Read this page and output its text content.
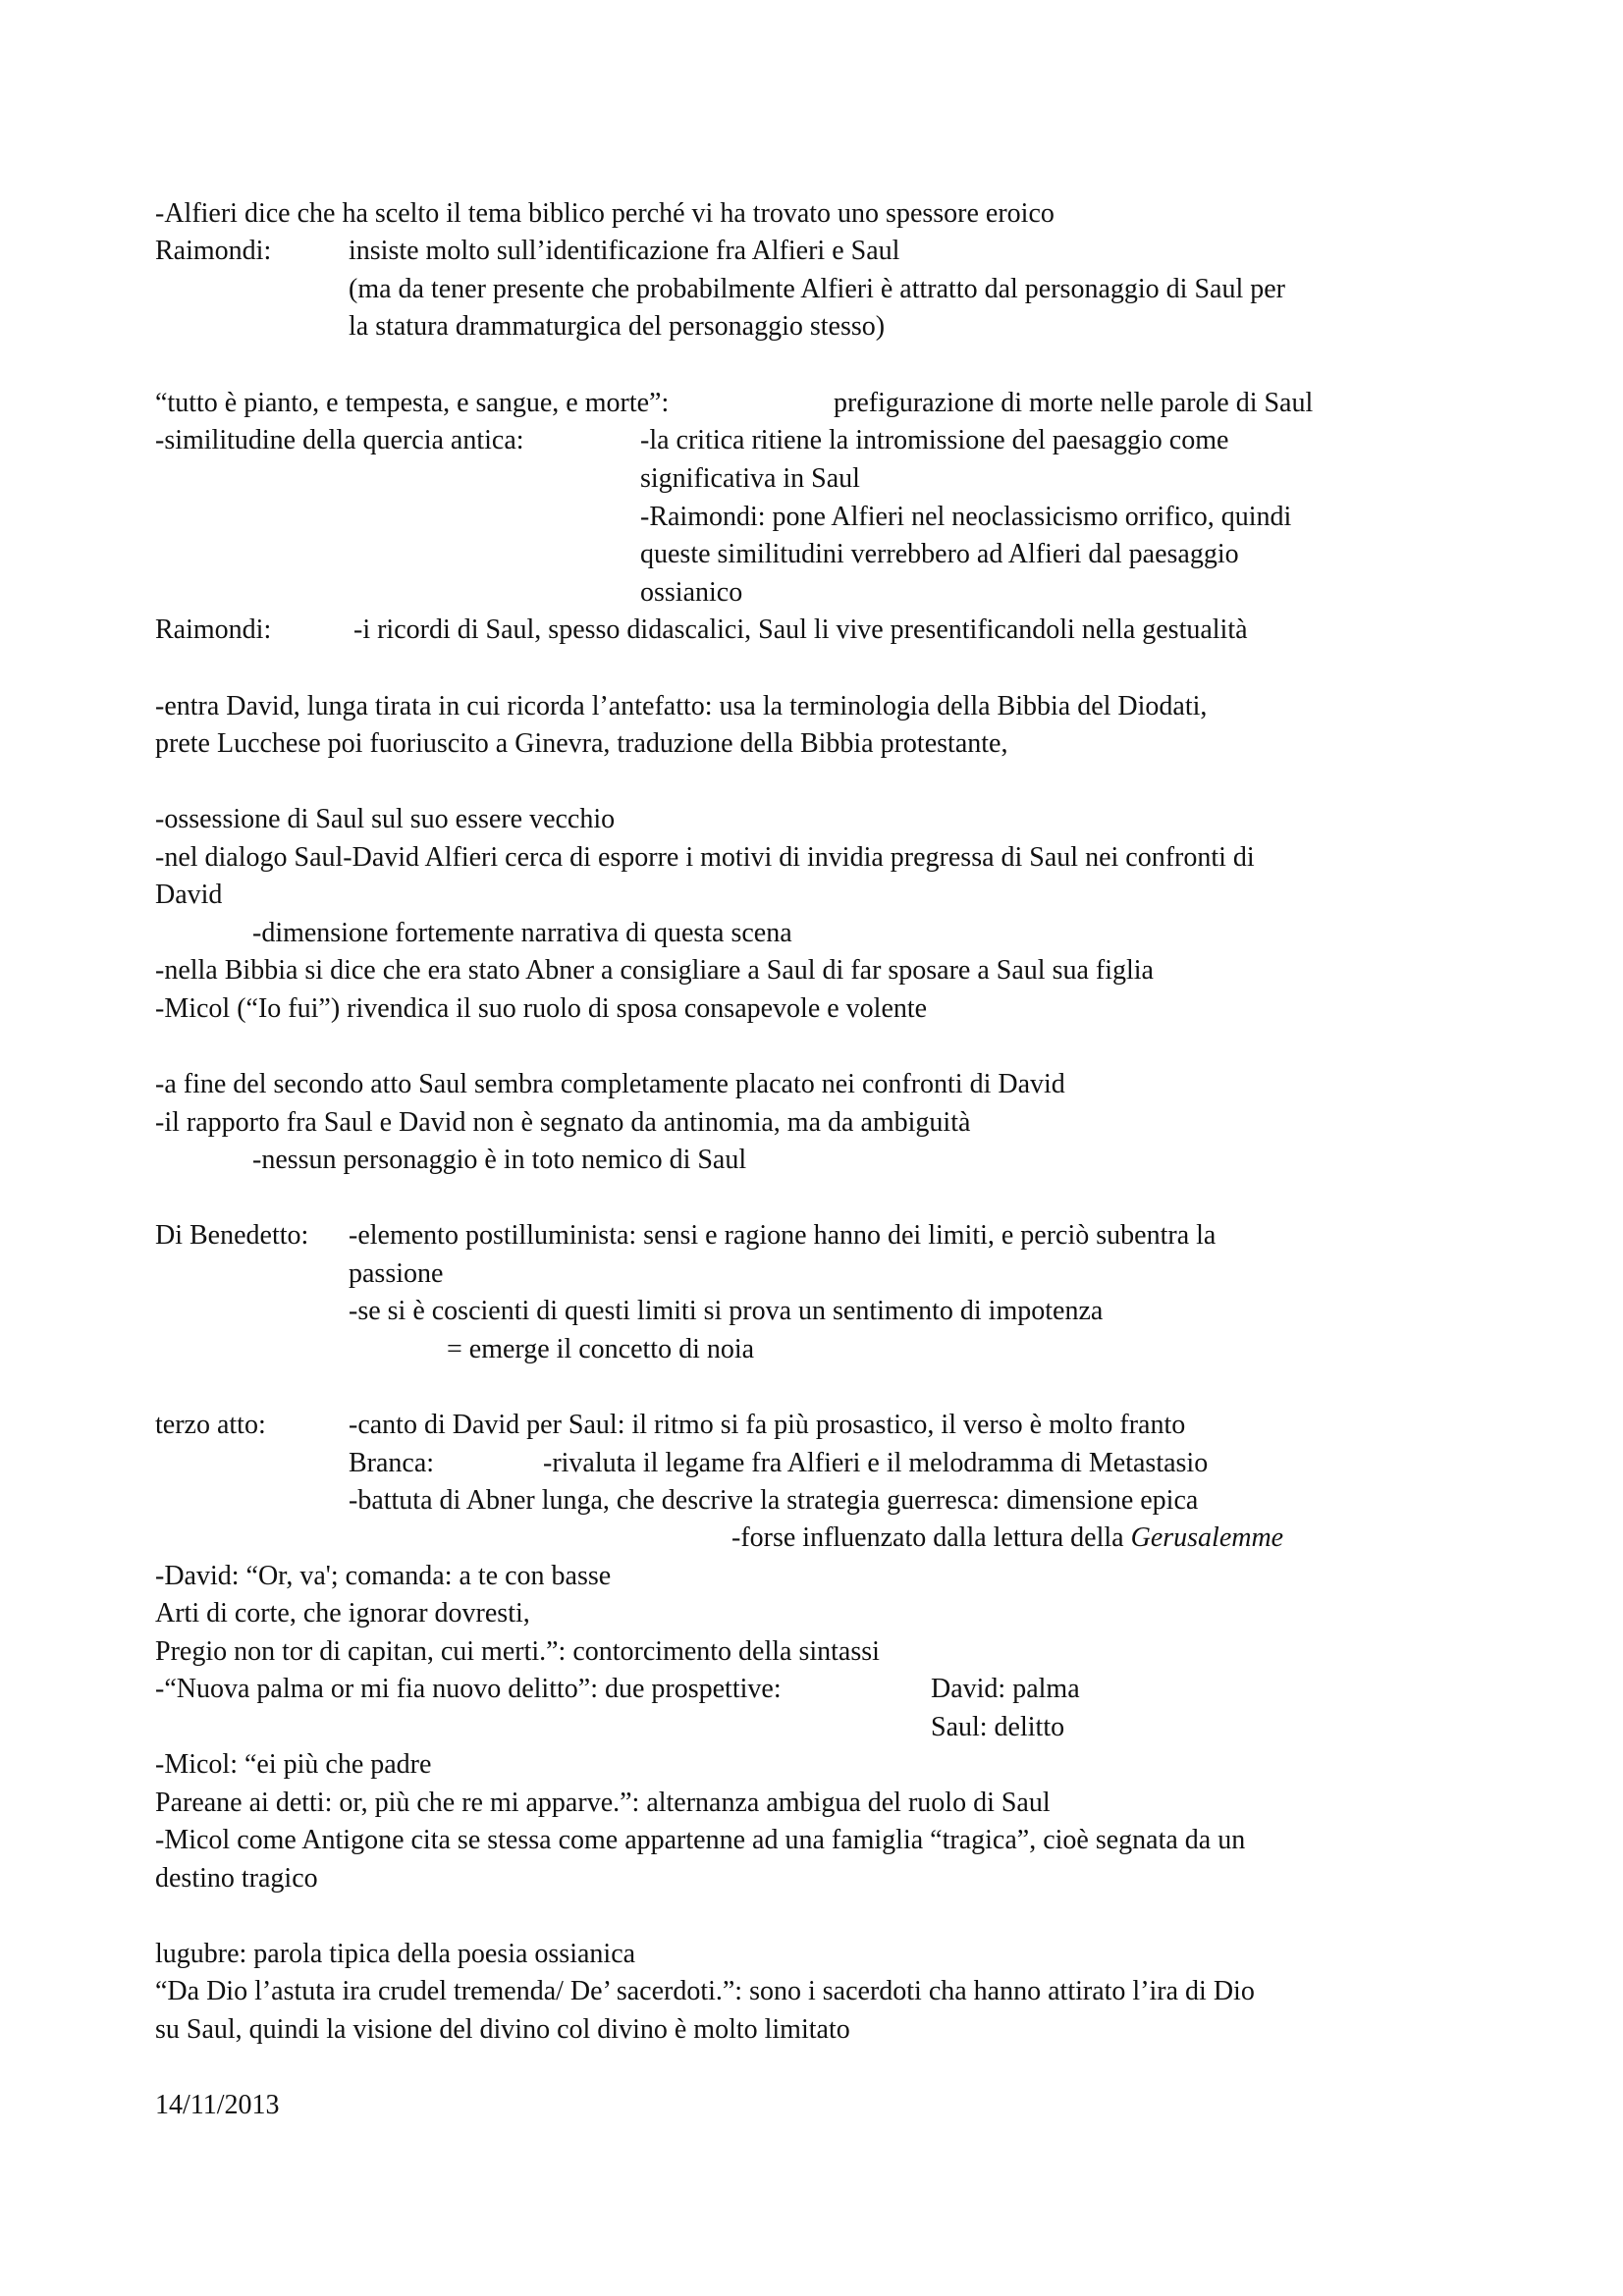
-Alfieri dice che ha scelto il tema biblico perché vi ha trovato uno spessore eroico
Raimondi:	insiste molto sull’identificazione fra Alfieri e Saul
(ma da tener presente che probabilmente Alfieri è attratto dal personaggio di Saul per
la statura drammaturgica del personaggio stesso)
“tutto è pianto, e tempesta, e sangue, e morte”:	prefigurazione di morte nelle parole di Saul
-similitudine della quercia antica:	-la critica ritiene la intromissione del paesaggio come
significativa in Saul
-Raimondi: pone Alfieri nel neoclassicismo orrifico, quindi
queste similitudini verrebbero ad Alfieri dal paesaggio
ossianico
Raimondi:	-i ricordi di Saul, spesso didascalici, Saul li vive presentificandoli nella gestualità
-entra David, lunga tirata in cui ricorda l’antefatto: usa la terminologia della Bibbia del Diodati,
prete Lucchese poi fuoriuscito a Ginevra, traduzione della Bibbia protestante,
-ossessione di Saul sul suo essere vecchio
-nel dialogo Saul-David Alfieri cerca di esporre i motivi di invidia pregressa di Saul nei confronti di
David
-dimensione fortemente narrativa di questa scena
-nella Bibbia si dice che era stato Abner a consigliare a Saul di far sposare a Saul sua figlia
-Micol (“Io fui”) rivendica il suo ruolo di sposa consapevole e volente
-a fine del secondo atto Saul sembra completamente placato nei confronti di David
-il rapporto fra Saul e David non è segnato da antinomia, ma da ambiguità
-nessun personaggio è in toto nemico di Saul
Di Benedetto: -elemento postilluminista: sensi e ragione hanno dei limiti, e perciò subentra la
passione
-se si è coscienti di questi limiti si prova un sentimento di impotenza
= emerge il concetto di noia
terzo atto:	-canto di David per Saul: il ritmo si fa più prosastico, il verso è molto franto
Branca:	-rivaluta il legame fra Alfieri e il melodramma di Metastasio
-battuta di Abner lunga, che descrive la strategia guerresca: dimensione epica
-forse influenzato dalla lettura della Gerusalemme
-David: “Or, va'; comanda: a te con basse
Arti di corte, che ignorar dovresti,
Pregio non tor di capitan, cui merti.”: contorcimento della sintassi
-“Nuova palma or mi fia nuovo delitto”: due prospettive:	David: palma
Saul: delitto
-Micol: “ei più che padre
Pareane ai detti: or, più che re mi apparve.”: alternanza ambigua del ruolo di Saul
-Micol come Antigone cita se stessa come appartenne ad una famiglia “tragica”, cioè segnata da un
destino tragico
lugubre: parola tipica della poesia ossianica
“Da Dio l’astuta ira crudel tremenda/ De’ sacerdoti.”: sono i sacerdoti cha hanno attirato l’ira di Dio
su Saul, quindi la visione del divino col divino è molto limitato
14/11/2013
